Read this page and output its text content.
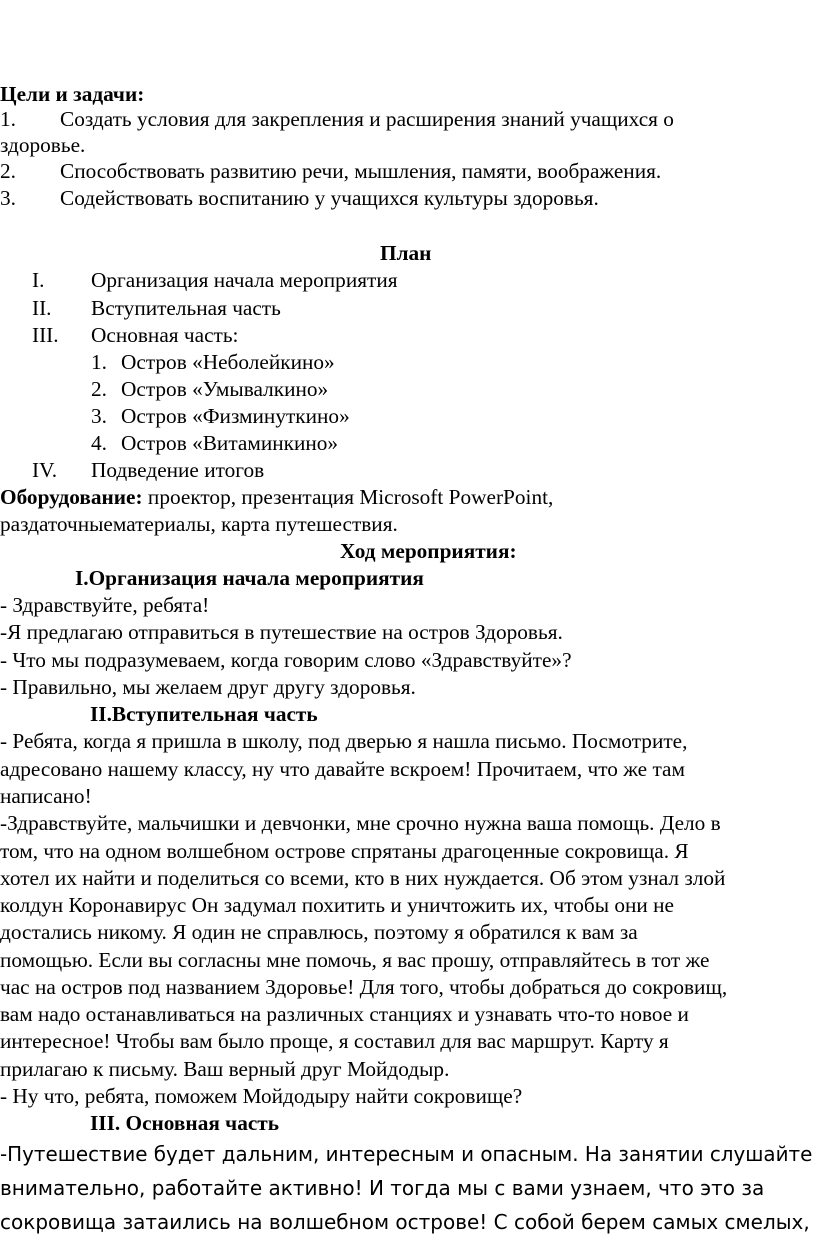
Цели и задачи:
1. Создать условия для закрепления и расширения знаний учащихся о
здоровье.
2. Способствовать развитию речи, мышления, памяти, воображения.
3. Содействовать воспитанию у учащихся культуры здоровья.
План
I. Организация начала мероприятия
II. Вступительная часть
III. Основная часть:
1. Остров «Неболейкино»
2. Остров «Умывалкино»
3. Остров «Физминуткино»
4. Остров «Витаминкино»
IV. Подведение итогов
Оборудование: проектор, презентация Microsoft PowerPoint,
раздаточныематериалы, карта путешествия.
Ход мероприятия:
I.Организация начала мероприятия
- Здравствуйте, ребята!
-Я предлагаю отправиться в путешествие на остров Здоровья.
- Что мы подразумеваем, когда говорим слово «Здравствуйте»?
- Правильно, мы желаем друг другу здоровья.
II.Вступительная часть
- Ребята, когда я пришла в школу, под дверью я нашла письмо. Посмотрите,
адресовано нашему классу, ну что давайте вскроем! Прочитаем, что же там
написано!
-Здравствуйте, мальчишки и девчонки, мне срочно нужна ваша помощь. Дело в
том, что на одном волшебном острове спрятаны драгоценные сокровища. Я
хотел их найти и поделиться со всеми, кто в них нуждается. Об этом узнал злой
колдун Коронавирус Он задумал похитить и уничтожить их, чтобы они не
достались никому. Я один не справлюсь, поэтому я обратился к вам за
помощью. Если вы согласны мне помочь, я вас прошу, отправляйтесь в тот же
час на остров под названием Здоровье! Для того, чтобы добраться до сокровищ,
вам надо останавливаться на различных станциях и узнавать что-то новое и
интересное! Чтобы вам было проще, я составил для вас маршрут. Карту я
прилагаю к письму. Ваш верный друг Мойдодыр.
- Ну что, ребята, поможем Мойдодыру найти сокровище?
III. Основная часть
-Путешествие будет дальним, интересным и опасным. На занятии слушайте
внимательно, работайте активно! И тогда мы с вами узнаем, что это за
сокровища затаились на волшебном острове! С собой берем самых смелых,
